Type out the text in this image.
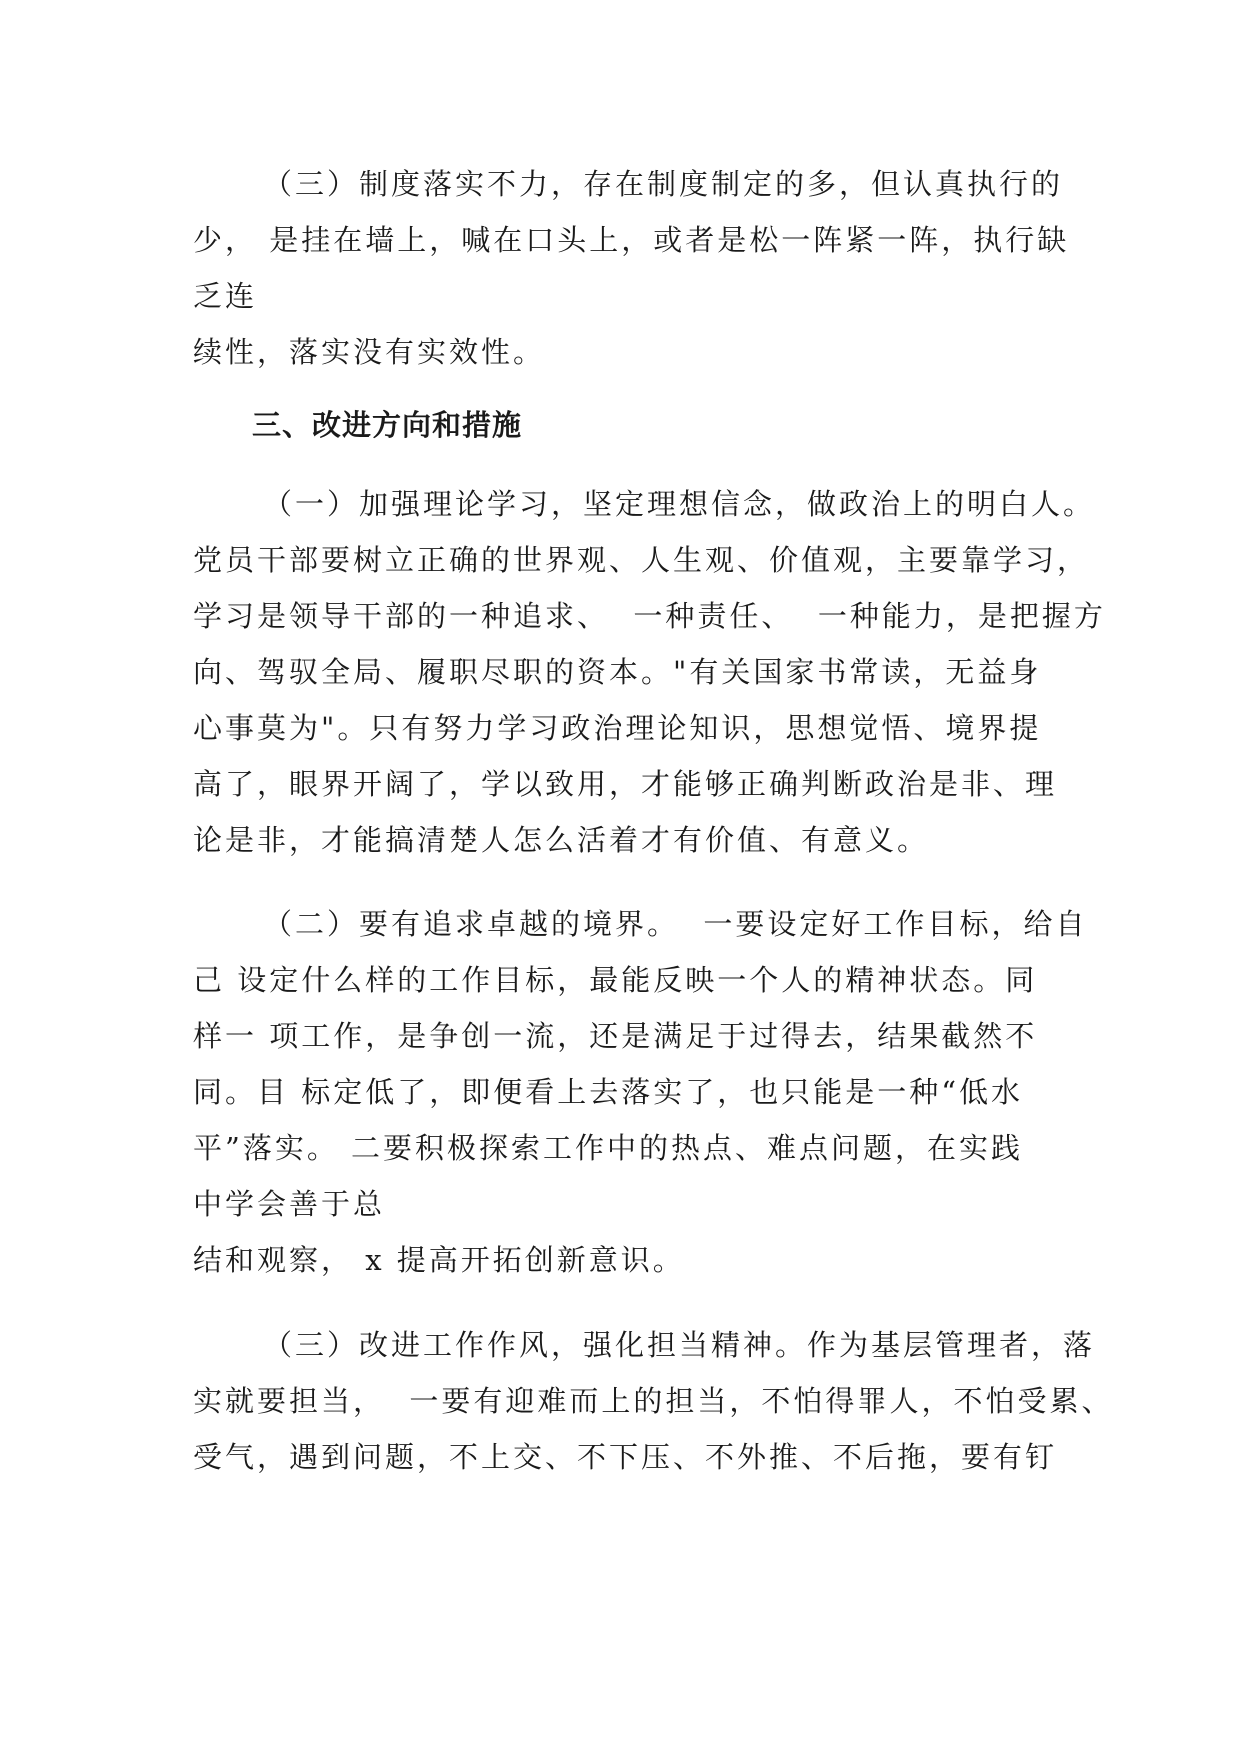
（三）制度落实不力，存在制度制定的多，但认真执行的
少， 是挂在墙上，喊在口头上，或者是松一阵紧一阵，执行缺
乏连
续性，落实没有实效性。
三、改进方向和措施
（一）加强理论学习，坚定理想信念，做政治上的明白人。
党员干部要树立正确的世界观、人生观、价值观，主要靠学习，
学习是领导干部的一种追求、  一种责任、  一种能力，是把握方
向、驾驭全局、履职尽职的资本。"有关国家书常读，无益身
心事莫为"。只有努力学习政治理论知识，思想觉悟、境界提
高了，眼界开阔了，学以致用，才能够正确判断政治是非、理
论是非，才能搞清楚人怎么活着才有价值、有意义。
（二）要有追求卓越的境界。  一要设定好工作目标，给自
己 设定什么样的工作目标，最能反映一个人的精神状态。同
样一 项工作，是争创一流，还是满足于过得去，结果截然不
同。目 标定低了，即便看上去落实了，也只能是一种“低水
平”落实。 二要积极探索工作中的热点、难点问题，在实践
中学会善于总
结和观察， x 提高开拓创新意识。
（三）改进工作作风，强化担当精神。作为基层管理者，落
实就要担当，  一要有迎难而上的担当，不怕得罪人，不怕受累、
受气，遇到问题，不上交、不下压、不外推、不后拖，要有钉
